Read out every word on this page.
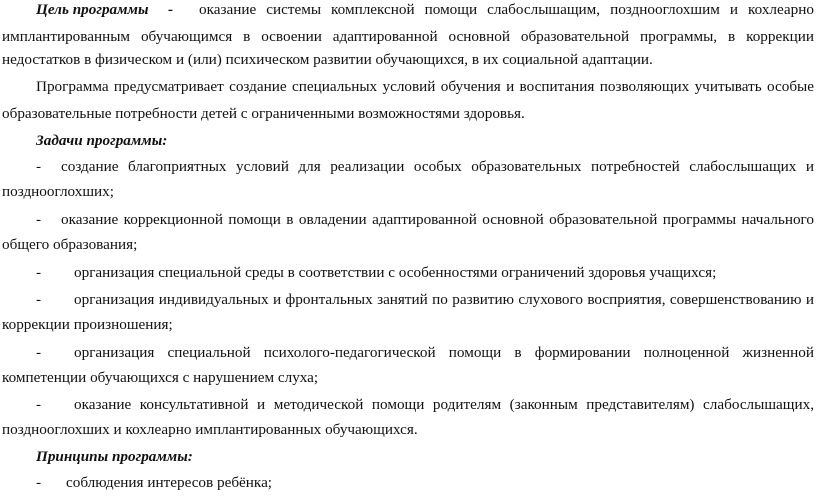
Цель программы - оказание системы комплексной помощи слабослышащим, позднооглохшим и кохлеарно
имплантированным обучающимся в освоении адаптированной основной образовательной программы, в коррекции
недостатков в физическом и (или) психическом развитии обучающихся, в их социальной адаптации.
Программа предусматривает создание специальных условий обучения и воспитания позволяющих учитывать особые
образовательные потребности детей с ограниченными возможностями здоровья.
Задачи программы:
- создание благоприятных условий для реализации особых образовательных потребностей слабослышащих и
позднооглохших;
- оказание коррекционной помощи в овладении адаптированной основной образовательной программы начального
общего образования;
- организация специальной среды в соответствии с особенностями ограничений здоровья учащихся;
- организация индивидуальных и фронтальных занятий по развитию слухового восприятия, совершенствованию и
коррекции произношения;
- организация специальной психолого-педагогической помощи в формировании полноценной жизненной
компетенции обучающихся с нарушением слуха;
- оказание консультативной и методической помощи родителям (законным представителям) слабослышащих,
позднооглохших и кохлеарно имплантированных обучающихся.
Принципы программы:
- соблюдения интересов ребёнка;
